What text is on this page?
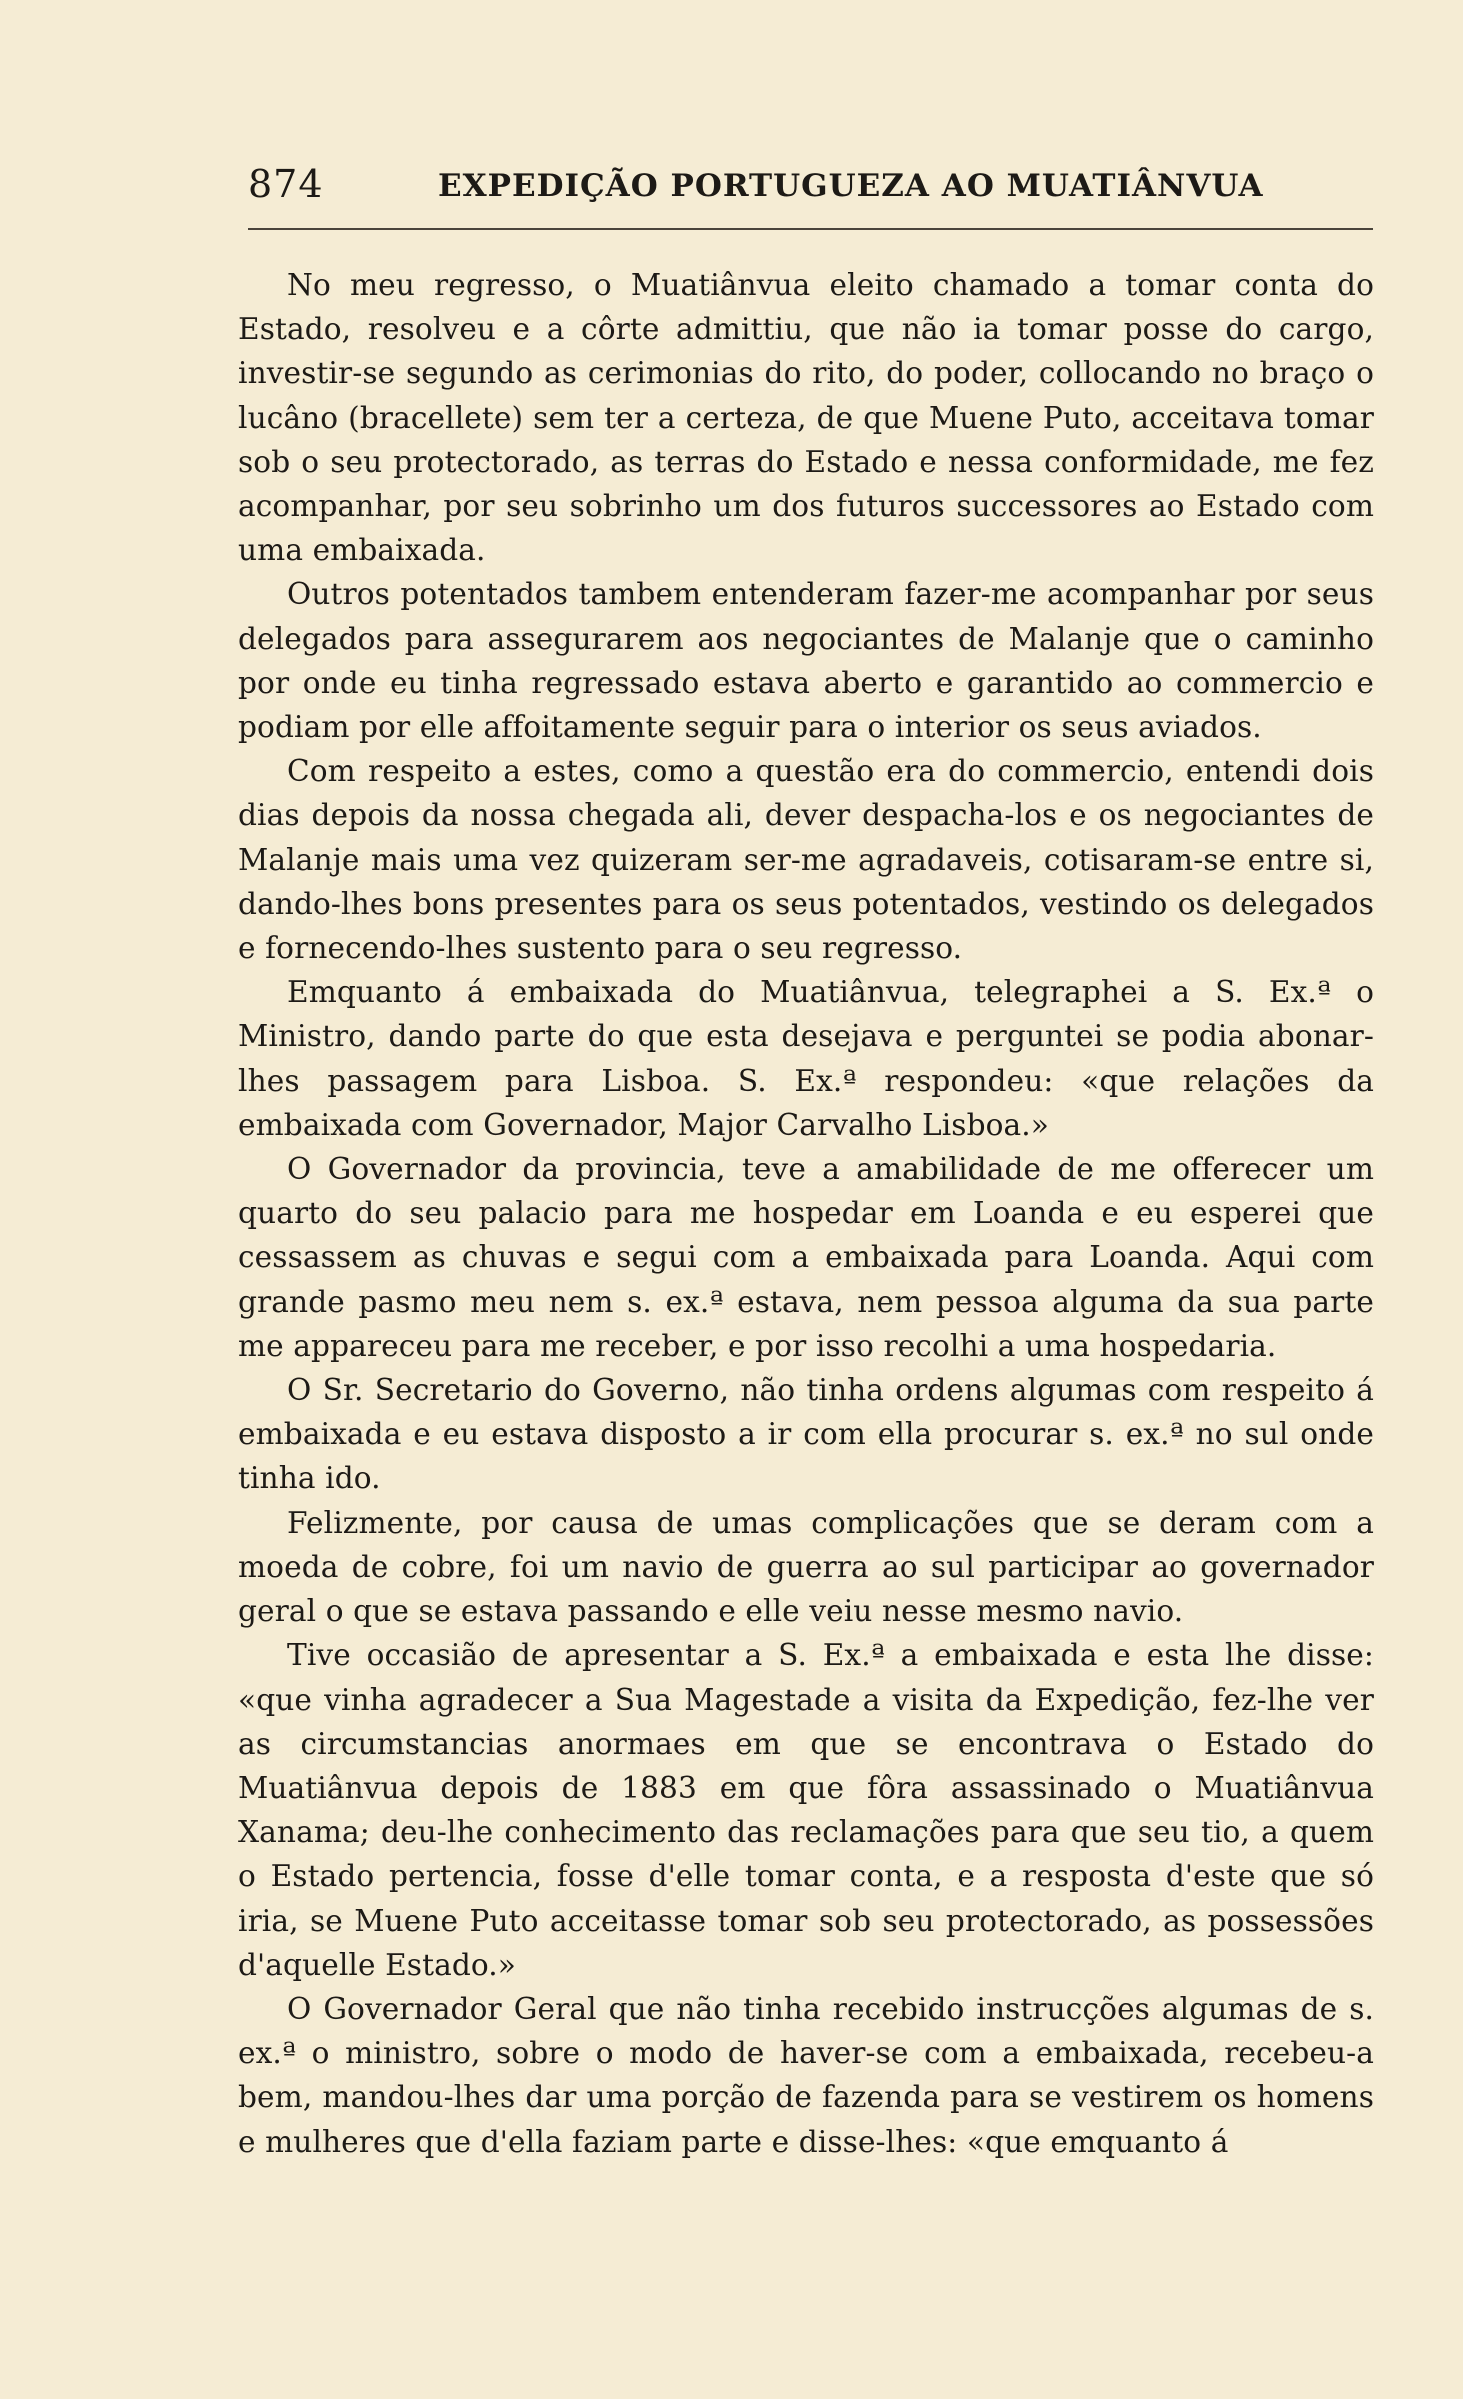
874	EXPEDIÇÃO PORTUGUEZA AO MUATIÂNVUA

No meu regresso, o Muatiânvua eleito chamado a tomar conta do Estado, resolveu e a côrte admittiu, que não ia tomar posse do cargo, investir-se segundo as cerimonias do rito, do poder, collocando no braço o lucâno (bracellete) sem ter a certeza, de que Muene Puto, acceitava tomar sob o seu protectorado, as terras do Estado e nessa conformidade, me fez acompanhar, por seu sobrinho um dos futuros successores ao Estado com uma embaixada.

Outros potentados tambem entenderam fazer-me acompanhar por seus delegados para assegurarem aos negociantes de Malanje que o caminho por onde eu tinha regressado estava aberto e garantido ao commercio e podiam por elle affoitamente seguir para o interior os seus aviados.

Com respeito a estes, como a questão era do commercio, entendi dois dias depois da nossa chegada ali, dever despacha-los e os negociantes de Malanje mais uma vez quizeram ser-me agradaveis, cotisaram-se entre si, dando-lhes bons presentes para os seus potentados, vestindo os delegados e fornecendo-lhes sustento para o seu regresso.

Emquanto á embaixada do Muatiânvua, telegraphei a S. Ex.ª o Ministro, dando parte do que esta desejava e perguntei se podia abonar-lhes passagem para Lisboa. S. Ex.ª respondeu: «que relações da embaixada com Governador, Major Carvalho Lisboa.»

O Governador da provincia, teve a amabilidade de me offerecer um quarto do seu palacio para me hospedar em Loanda e eu esperei que cessassem as chuvas e segui com a embaixada para Loanda. Aqui com grande pasmo meu nem s. ex.ª estava, nem pessoa alguma da sua parte me appareceu para me receber, e por isso recolhi a uma hospedaria.

O Sr. Secretario do Governo, não tinha ordens algumas com respeito á embaixada e eu estava disposto a ir com ella procurar s. ex.ª no sul onde tinha ido.

Felizmente, por causa de umas complicações que se deram com a moeda de cobre, foi um navio de guerra ao sul participar ao governador geral o que se estava passando e elle veiu nesse mesmo navio.

Tive occasião de apresentar a S. Ex.ª a embaixada e esta lhe disse: «que vinha agradecer a Sua Magestade a visita da Expedição, fez-lhe ver as circumstancias anormaes em que se encontrava o Estado do Muatiânvua depois de 1883 em que fôra assassinado o Muatiânvua Xanama; deu-lhe conhecimento das reclamações para que seu tio, a quem o Estado pertencia, fosse d'elle tomar conta, e a resposta d'este que só iria, se Muene Puto acceitasse tomar sob seu protectorado, as possessões d'aquelle Estado.»

O Governador Geral que não tinha recebido instrucções algumas de s. ex.ª o ministro, sobre o modo de haver-se com a embaixada, recebeu-a bem, mandou-lhes dar uma porção de fazenda para se vestirem os homens e mulheres que d'ella faziam parte e disse-lhes: «que emquanto á
